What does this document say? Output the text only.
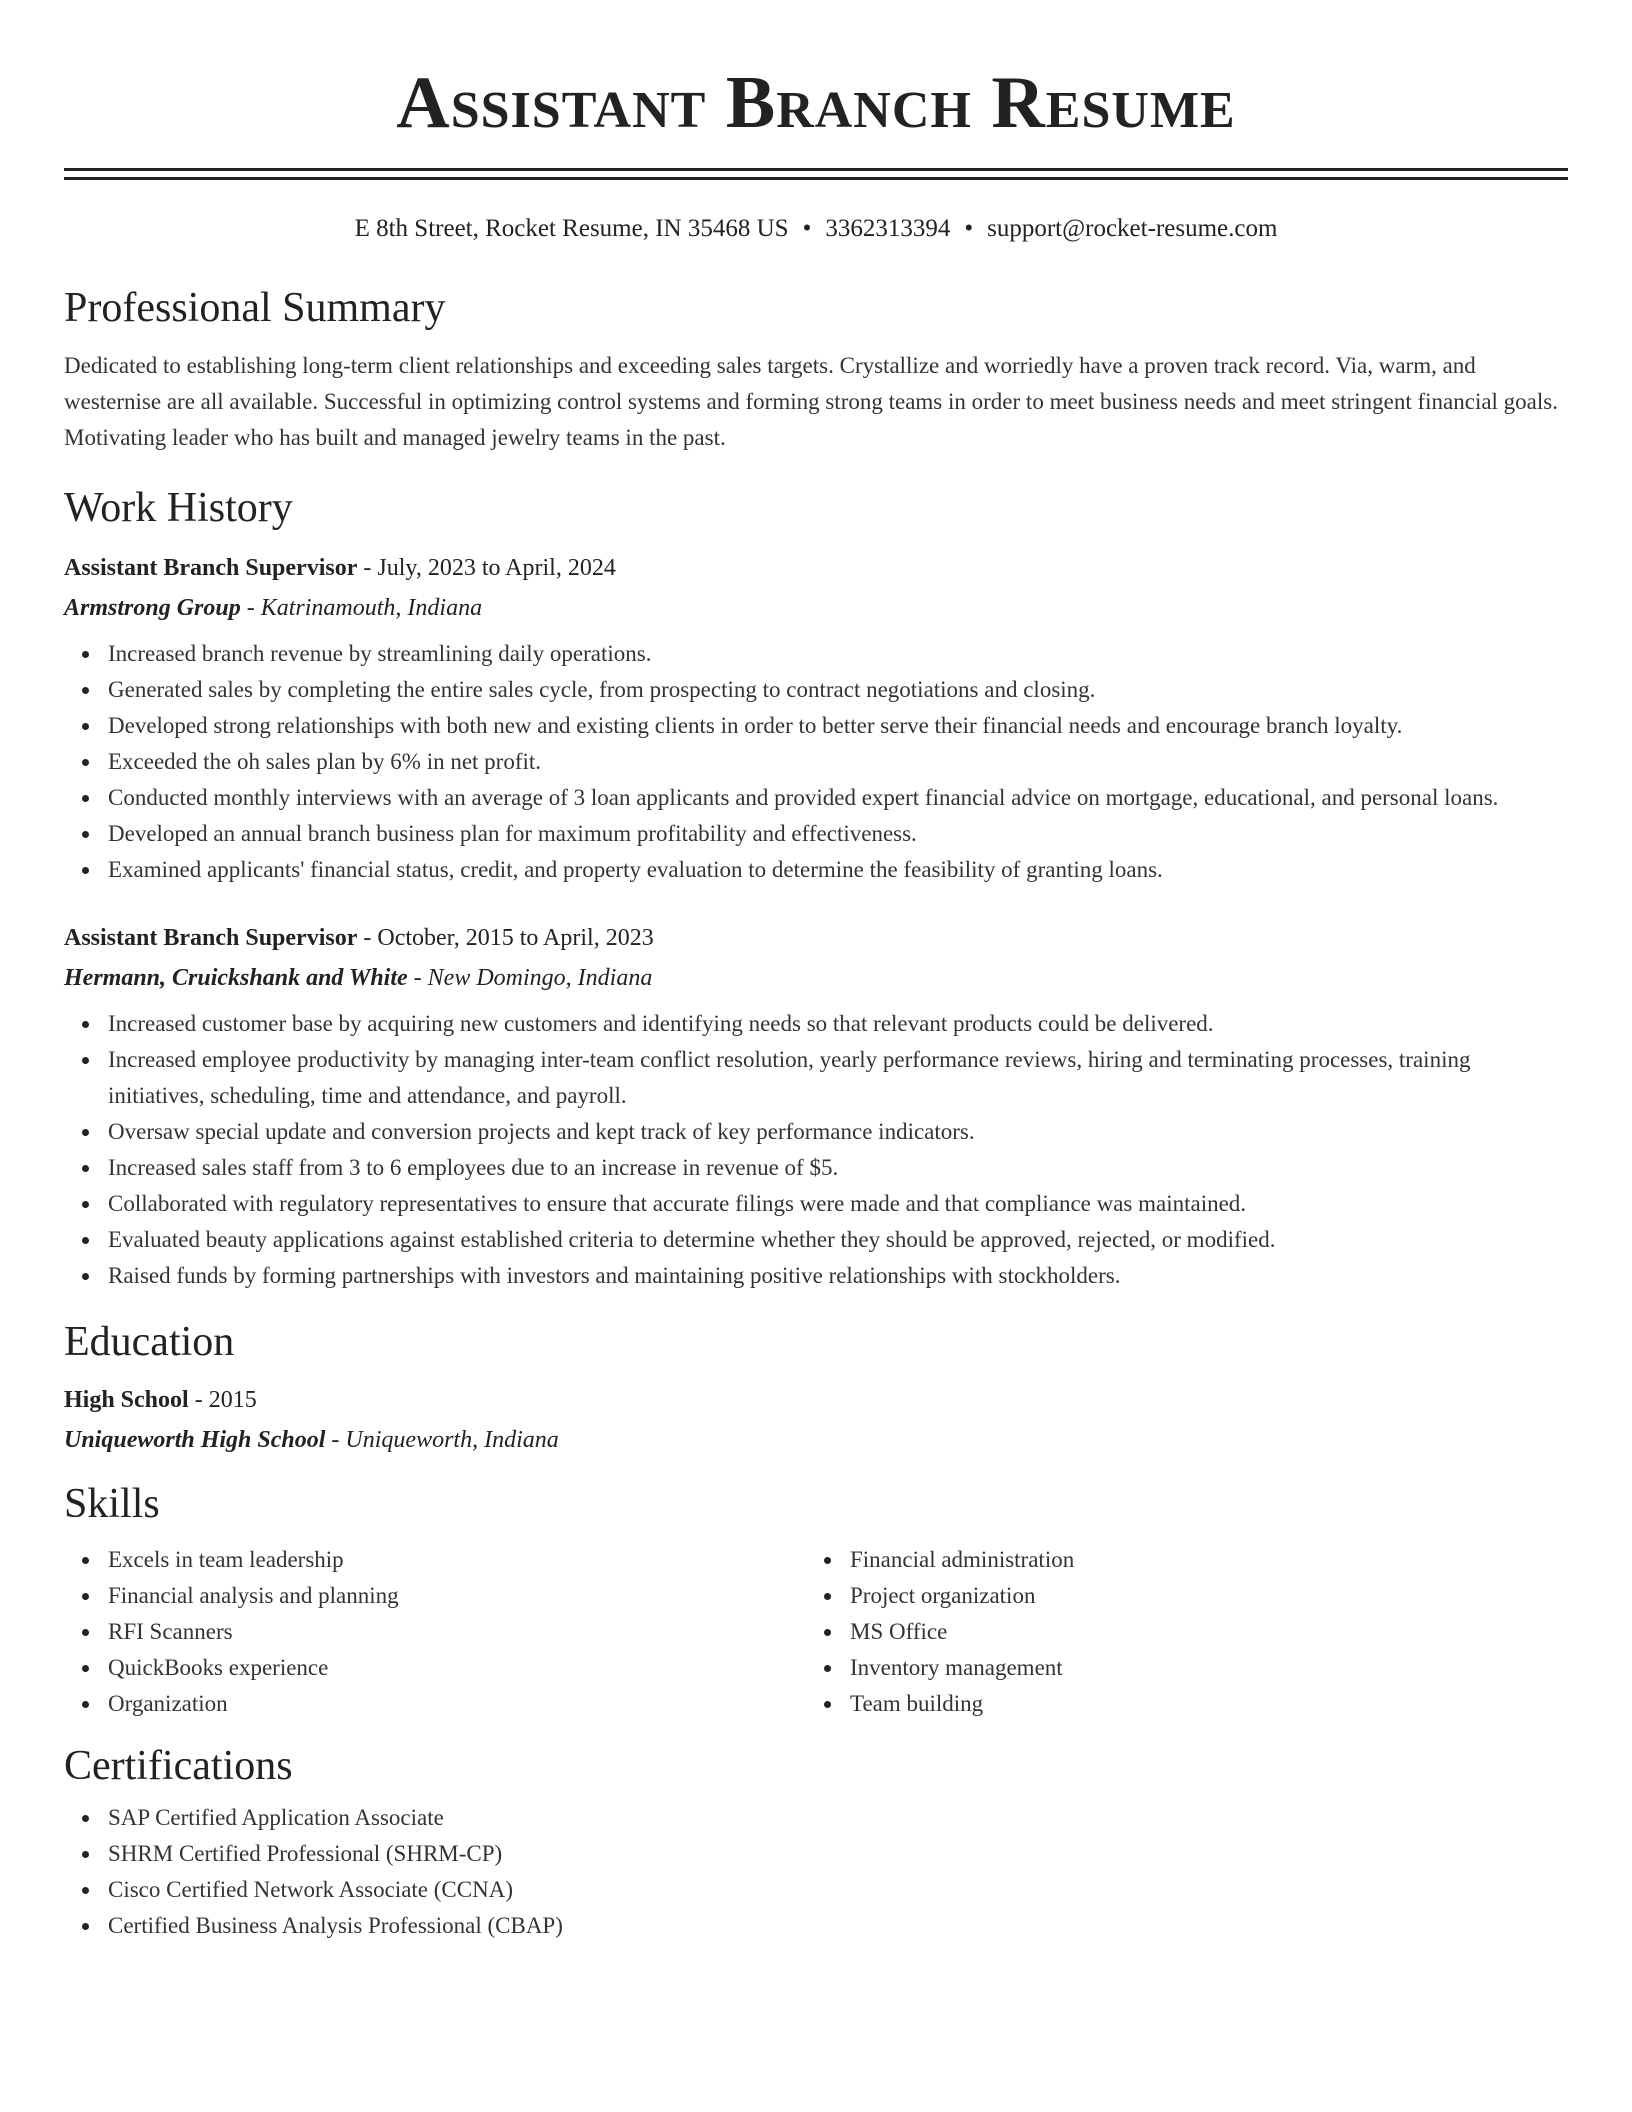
Assistant Branch Resume
E 8th Street, Rocket Resume, IN 35468 US • 3362313394 • support@rocket-resume.com
Professional Summary
Dedicated to establishing long-term client relationships and exceeding sales targets. Crystallize and worriedly have a proven track record. Via, warm, and westernise are all available. Successful in optimizing control systems and forming strong teams in order to meet business needs and meet stringent financial goals. Motivating leader who has built and managed jewelry teams in the past.
Work History
Assistant Branch Supervisor - July, 2023 to April, 2024
Armstrong Group - Katrinamouth, Indiana
Increased branch revenue by streamlining daily operations.
Generated sales by completing the entire sales cycle, from prospecting to contract negotiations and closing.
Developed strong relationships with both new and existing clients in order to better serve their financial needs and encourage branch loyalty.
Exceeded the oh sales plan by 6% in net profit.
Conducted monthly interviews with an average of 3 loan applicants and provided expert financial advice on mortgage, educational, and personal loans.
Developed an annual branch business plan for maximum profitability and effectiveness.
Examined applicants' financial status, credit, and property evaluation to determine the feasibility of granting loans.
Assistant Branch Supervisor - October, 2015 to April, 2023
Hermann, Cruickshank and White - New Domingo, Indiana
Increased customer base by acquiring new customers and identifying needs so that relevant products could be delivered.
Increased employee productivity by managing inter-team conflict resolution, yearly performance reviews, hiring and terminating processes, training initiatives, scheduling, time and attendance, and payroll.
Oversaw special update and conversion projects and kept track of key performance indicators.
Increased sales staff from 3 to 6 employees due to an increase in revenue of $5.
Collaborated with regulatory representatives to ensure that accurate filings were made and that compliance was maintained.
Evaluated beauty applications against established criteria to determine whether they should be approved, rejected, or modified.
Raised funds by forming partnerships with investors and maintaining positive relationships with stockholders.
Education
High School - 2015
Uniqueworth High School - Uniqueworth, Indiana
Skills
Excels in team leadership
Financial analysis and planning
RFI Scanners
QuickBooks experience
Organization
Financial administration
Project organization
MS Office
Inventory management
Team building
Certifications
SAP Certified Application Associate
SHRM Certified Professional (SHRM-CP)
Cisco Certified Network Associate (CCNA)
Certified Business Analysis Professional (CBAP)
